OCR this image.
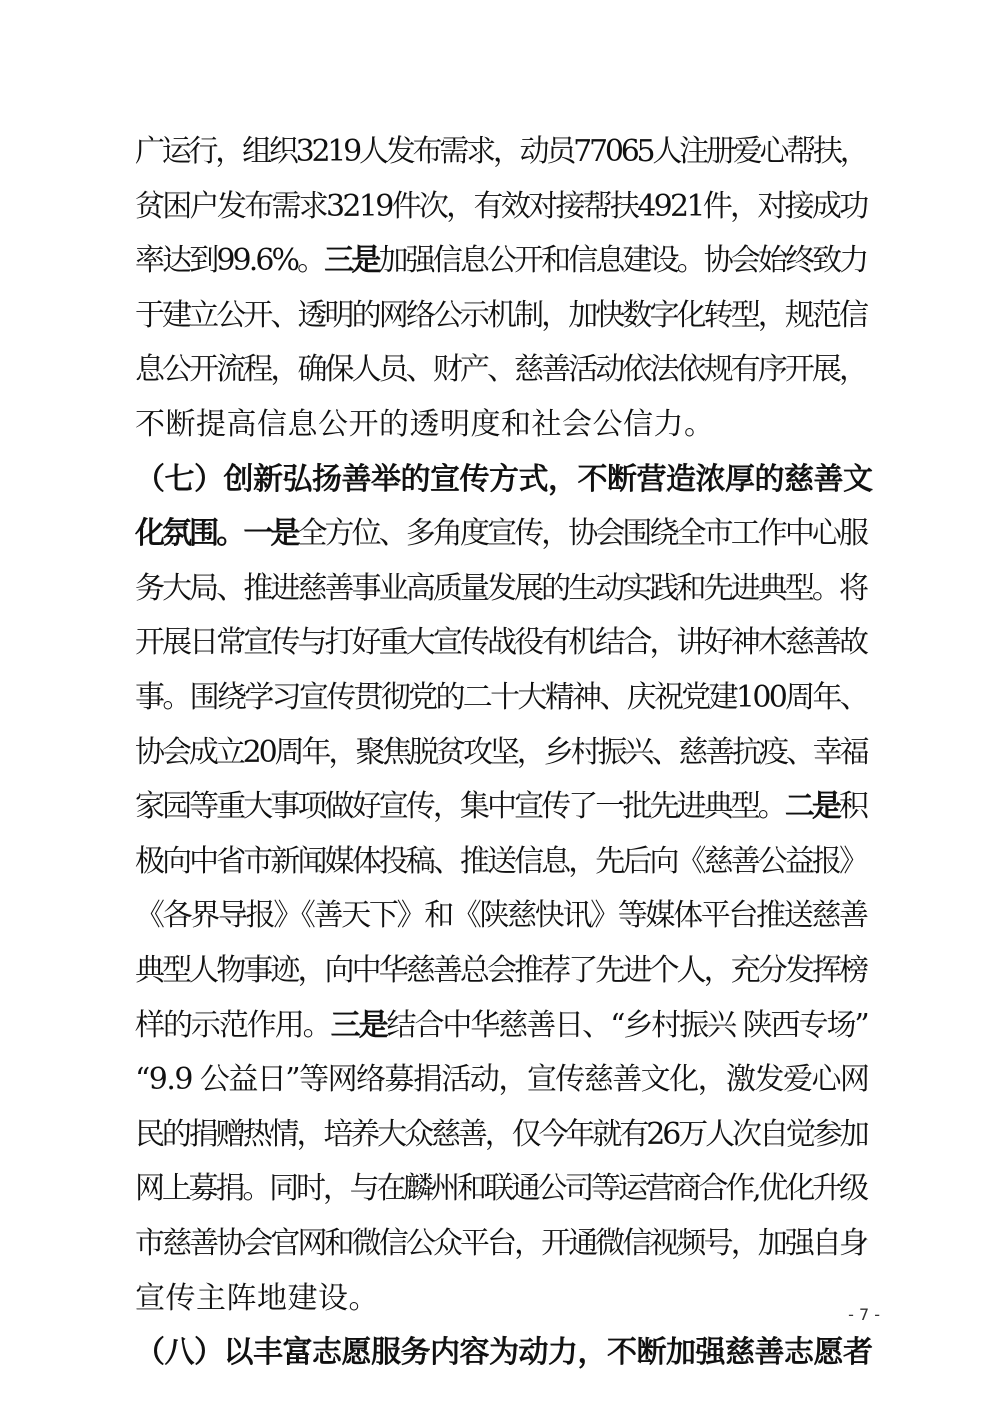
广运行，组织3219人发布需求，动员77065人注册爱心帮扶，
贫困户发布需求3219件次，有效对接帮扶4921件，对接成功
率达到99.6%。三是加强信息公开和信息建设。协会始终致力
于建立公开、透明的网络公示机制，加快数字化转型，规范信
息公开流程，确保人员、财产、慈善活动依法依规有序开展，
不断提高信息公开的透明度和社会公信力。
（七）创新弘扬善举的宣传方式，不断营造浓厚的慈善文
化氛围。一是全方位、多角度宣传，协会围绕全市工作中心服
务大局、推进慈善事业高质量发展的生动实践和先进典型。将
开展日常宣传与打好重大宣传战役有机结合，讲好神木慈善故
事。围绕学习宣传贯彻党的二十大精神、庆祝党建100周年、
协会成立20周年，聚焦脱贫攻坚，乡村振兴、慈善抗疫、幸福
家园等重大事项做好宣传，集中宣传了一批先进典型。二是积
极向中省市新闻媒体投稿、推送信息，先后向《慈善公益报》
《各界导报》《善天下》和《陕慈快讯》等媒体平台推送慈善
典型人物事迹，向中华慈善总会推荐了先进个人，充分发挥榜
样的示范作用。三是结合中华慈善日、“乡村振兴 陕西专场”
“9.9 公益日”等网络募捐活动，宣传慈善文化，激发爱心网
民的捐赠热情，培养大众慈善，仅今年就有26万人次自觉参加
网上募捐。同时，与在麟州和联通公司等运营商合作,优化升级
市慈善协会官网和微信公众平台，开通微信视频号，加强自身
宣传主阵地建设。
（八）以丰富志愿服务内容为动力，不断加强慈善志愿者
- 7 -
